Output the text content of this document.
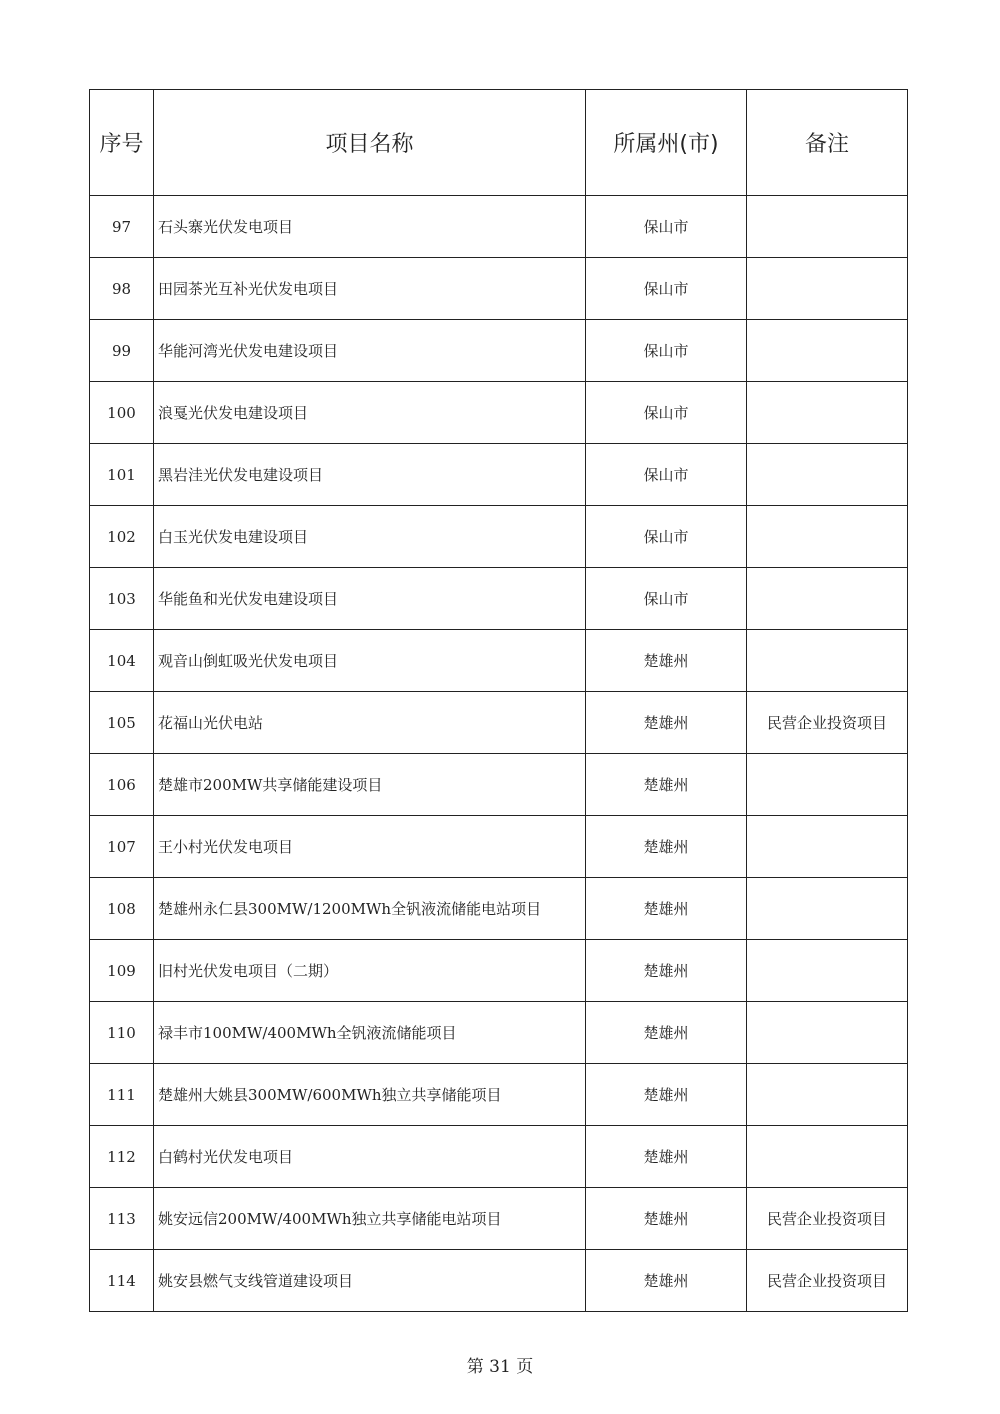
序号	项目名称	所属州(市)	备注
97	石头寨光伏发电项目	保山市	
98	田园茶光互补光伏发电项目	保山市	
99	华能河湾光伏发电建设项目	保山市	
100	浪戛光伏发电建设项目	保山市	
101	黑岩洼光伏发电建设项目	保山市	
102	白玉光伏发电建设项目	保山市	
103	华能鱼和光伏发电建设项目	保山市	
104	观音山倒虹吸光伏发电项目	楚雄州	
105	花福山光伏电站	楚雄州	民营企业投资项目
106	楚雄市200MW共享储能建设项目	楚雄州	
107	王小村光伏发电项目	楚雄州	
108	楚雄州永仁县300MW/1200MWh全钒液流储能电站项目	楚雄州	
109	旧村光伏发电项目（二期）	楚雄州	
110	禄丰市100MW/400MWh全钒液流储能项目	楚雄州	
111	楚雄州大姚县300MW/600MWh独立共享储能项目	楚雄州	
112	白鹤村光伏发电项目	楚雄州	
113	姚安远信200MW/400MWh独立共享储能电站项目	楚雄州	民营企业投资项目
114	姚安县燃气支线管道建设项目	楚雄州	民营企业投资项目
第 31 页
